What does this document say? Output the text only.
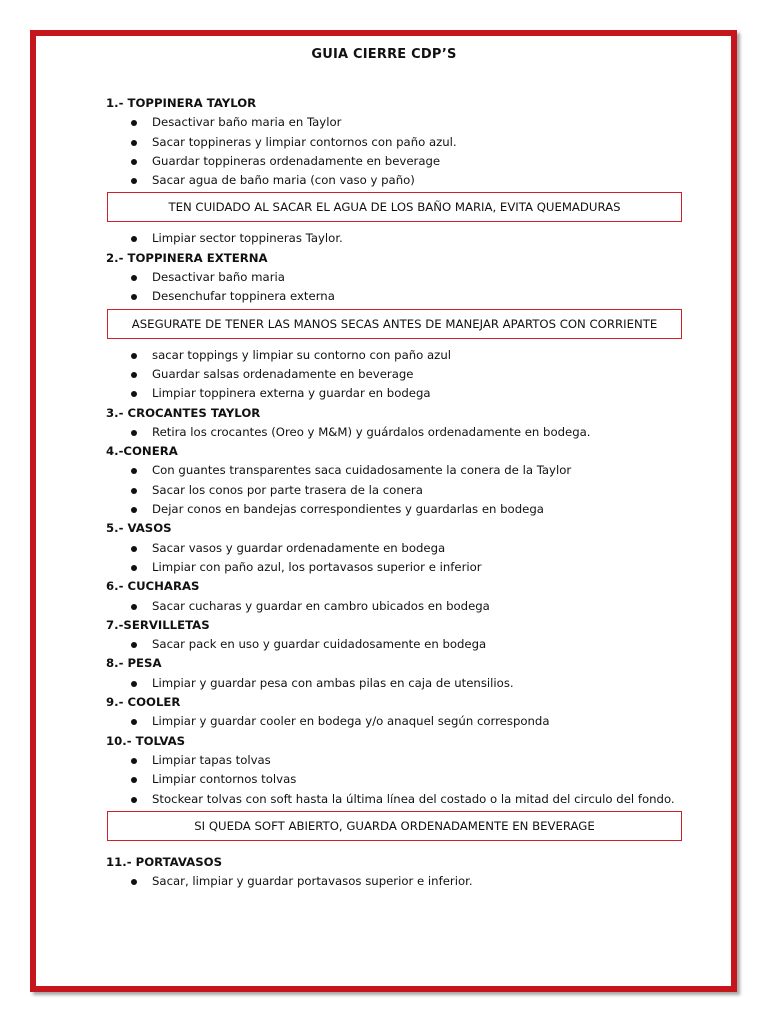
GUIA CIERRE CDP’S
1.- TOPPINERA TAYLOR
Desactivar baño maria en Taylor
Sacar toppineras y limpiar contornos con paño azul.
Guardar toppineras ordenadamente en beverage
Sacar agua de baño maria (con vaso y paño)
TEN CUIDADO AL SACAR EL AGUA DE LOS BAÑO MARIA, EVITA QUEMADURAS
Limpiar sector toppineras Taylor.
2.- TOPPINERA EXTERNA
Desactivar baño maria
Desenchufar toppinera externa
ASEGURATE DE TENER LAS MANOS SECAS ANTES DE MANEJAR APARTOS CON CORRIENTE
sacar toppings y limpiar su contorno con paño azul
Guardar salsas ordenadamente en beverage
Limpiar toppinera externa y guardar en bodega
3.- CROCANTES TAYLOR
Retira los crocantes (Oreo y M&M) y guárdalos ordenadamente en bodega.
4.-CONERA
Con guantes transparentes saca cuidadosamente la conera de la Taylor
Sacar los conos por parte trasera de la conera
Dejar conos en bandejas correspondientes y guardarlas en bodega
5.- VASOS
Sacar vasos y guardar ordenadamente en bodega
Limpiar con paño azul, los portavasos superior e inferior
6.- CUCHARAS
Sacar cucharas y guardar en cambro ubicados en bodega
7.-SERVILLETAS
Sacar pack en uso y guardar cuidadosamente en bodega
8.- PESA
Limpiar y guardar pesa con ambas pilas en caja de utensilios.
9.- COOLER
Limpiar y guardar cooler en bodega y/o anaquel según corresponda
10.- TOLVAS
Limpiar tapas tolvas
Limpiar contornos tolvas
Stockear tolvas con soft hasta la última línea del costado o la mitad del circulo del fondo.
SI QUEDA SOFT ABIERTO, GUARDA ORDENADAMENTE EN BEVERAGE
11.- PORTAVASOS
Sacar, limpiar y guardar portavasos superior e inferior.
